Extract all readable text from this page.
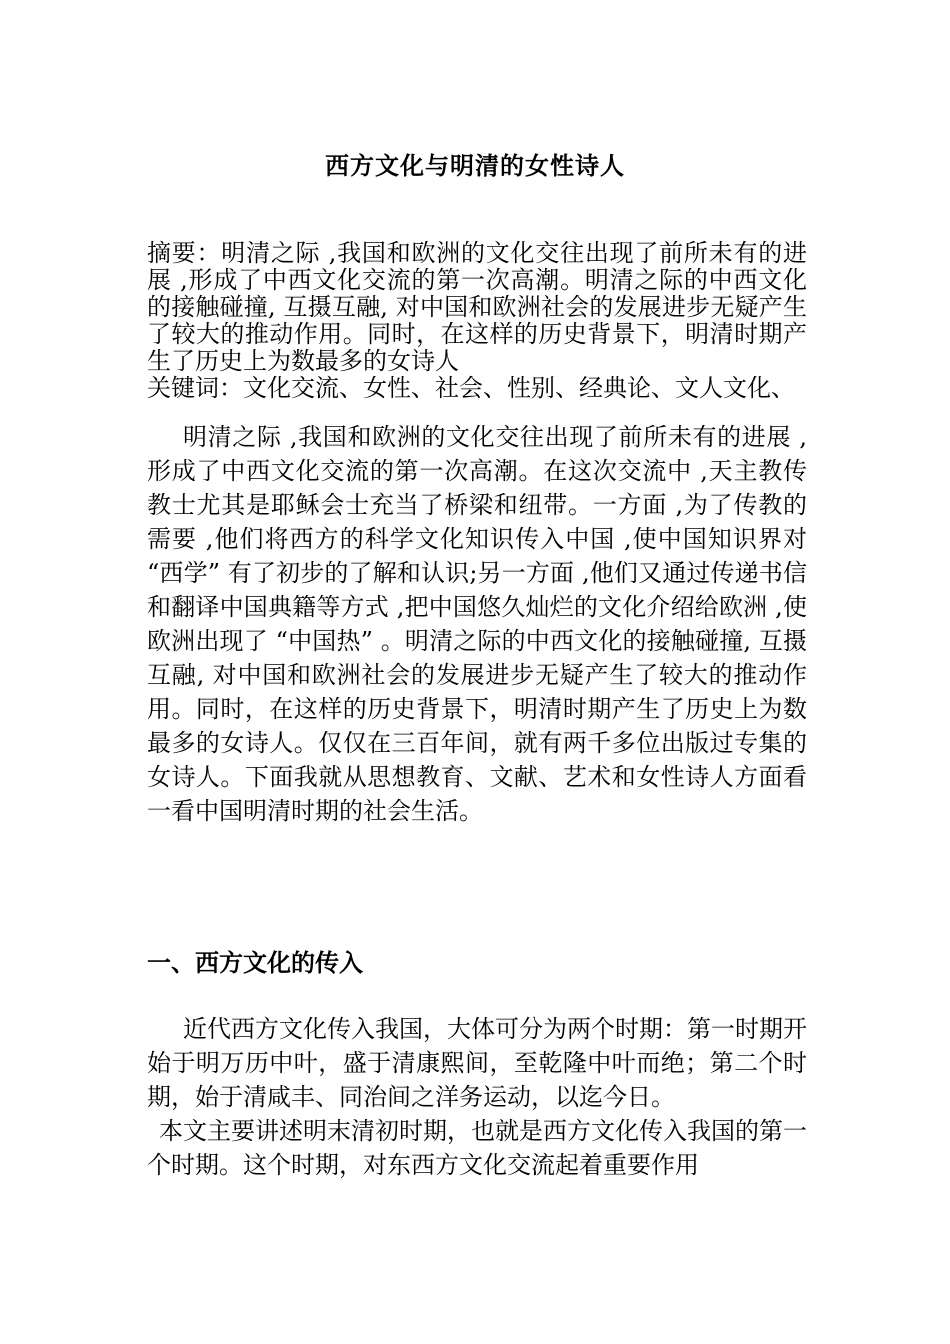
西方文化与明清的女性诗人

摘要：明清之际 ,我国和欧洲的文化交往出现了前所未有的进展 ,形成了中西文化交流的第一次高潮。明清之际的中西文化的接触碰撞, 互摄互融, 对中国和欧洲社会的发展进步无疑产生了较大的推动作用。同时，在这样的历史背景下，明清时期产生了历史上为数最多的女诗人

关键词：文化交流、女性、社会、性别、经典论、文人文化、

明清之际 ,我国和欧洲的文化交往出现了前所未有的进展 ,形成了中西文化交流的第一次高潮。在这次交流中 ,天主教传教士尤其是耶稣会士充当了桥梁和纽带。一方面 ,为了传教的需要 ,他们将西方的科学文化知识传入中国 ,使中国知识界对 “西学” 有了初步的了解和认识;另一方面 ,他们又通过传递书信和翻译中国典籍等方式 ,把中国悠久灿烂的文化介绍给欧洲 ,使欧洲出现了 “中国热” 。明清之际的中西文化的接触碰撞, 互摄互融, 对中国和欧洲社会的发展进步无疑产生了较大的推动作用。同时，在这样的历史背景下，明清时期产生了历史上为数最多的女诗人。仅仅在三百年间，就有两千多位出版过专集的女诗人。下面我就从思想教育、文献、艺术和女性诗人方面看一看中国明清时期的社会生活。

一、西方文化的传入

近代西方文化传入我国，大体可分为两个时期：第一时期开始于明万历中叶，盛于清康熙间，至乾隆中叶而绝；第二个时期，始于清咸丰、同治间之洋务运动，以迄今日。

本文主要讲述明末清初时期，也就是西方文化传入我国的第一个时期。这个时期，对东西方文化交流起着重要作用
